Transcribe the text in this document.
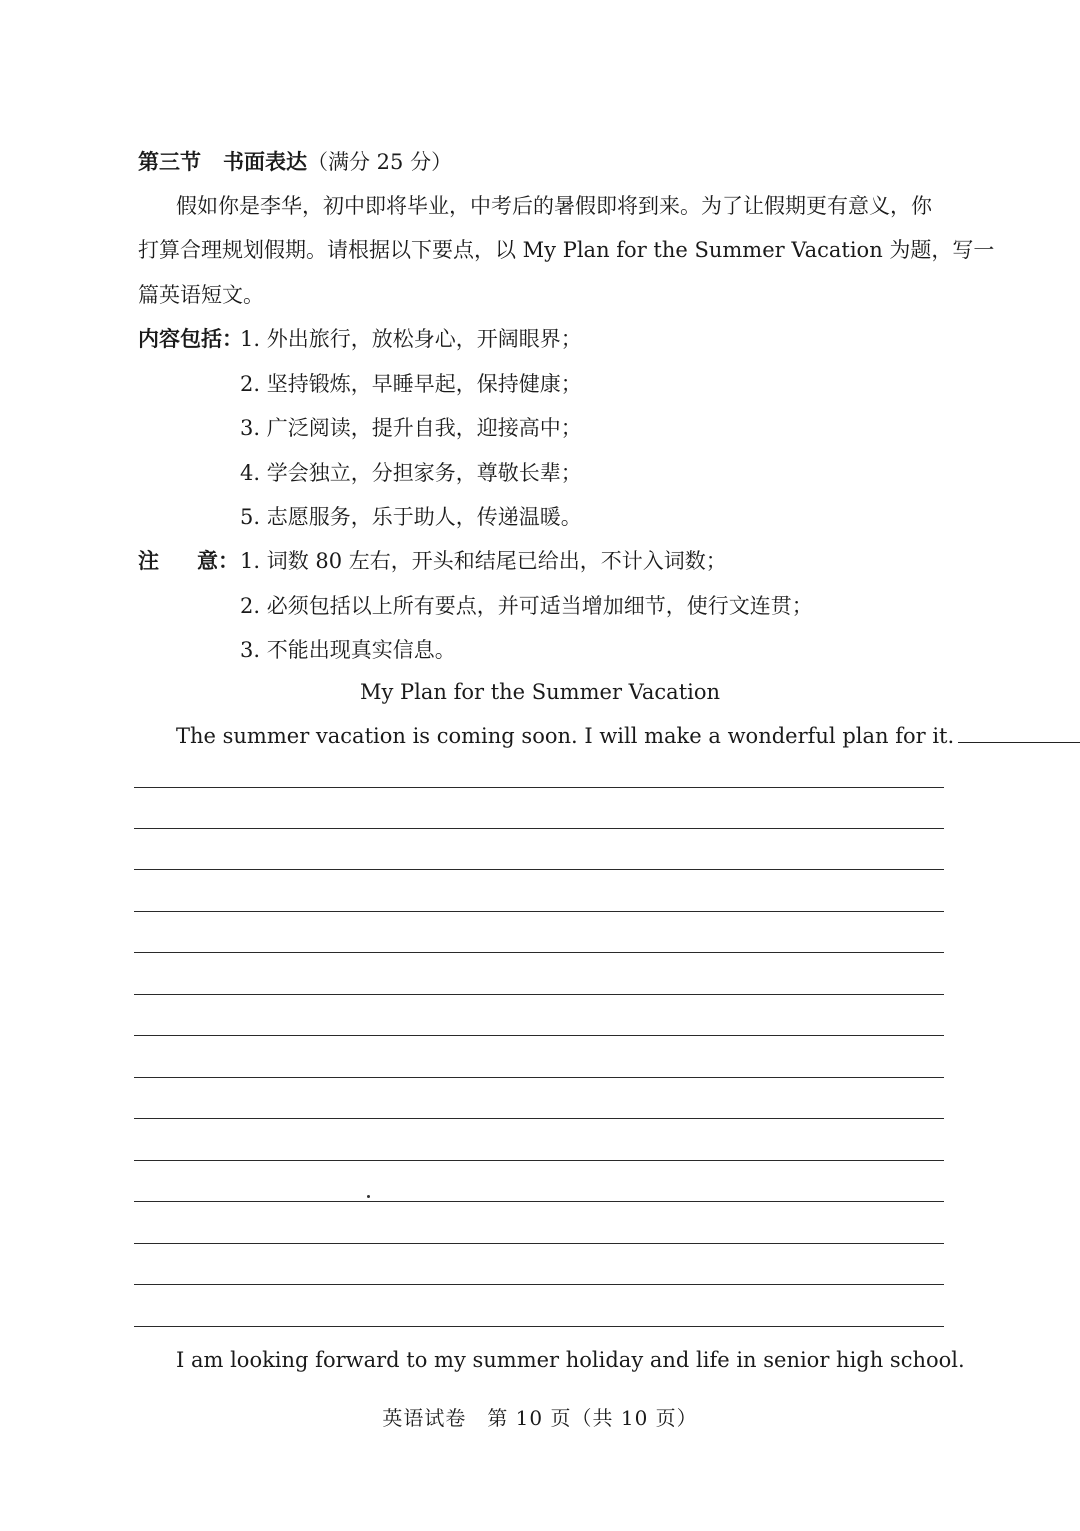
第三节 书面表达（满分 25 分）
假如你是李华，初中即将毕业，中考后的暑假即将到来。为了让假期更有意义，你
打算合理规划假期。请根据以下要点，以 My Plan for the Summer Vacation 为题，写一
篇英语短文。
内容包括：
1. 外出旅行，放松身心，开阔眼界；
2. 坚持锻炼，早睡早起，保持健康；
3. 广泛阅读，提升自我，迎接高中；
4. 学会独立，分担家务，尊敬长辈；
5. 志愿服务，乐于助人，传递温暖。
注 意： 1. 词数 80 左右，开头和结尾已给出，不计入词数；
2. 必须包括以上所有要点，并可适当增加细节，使行文连贯；
3. 不能出现真实信息。
My Plan for the Summer Vacation
The summer vacation is coming soon. I will make a wonderful plan for it.
I am looking forward to my summer holiday and life in senior high school.
英语试卷　第 10 页（共 10 页）
